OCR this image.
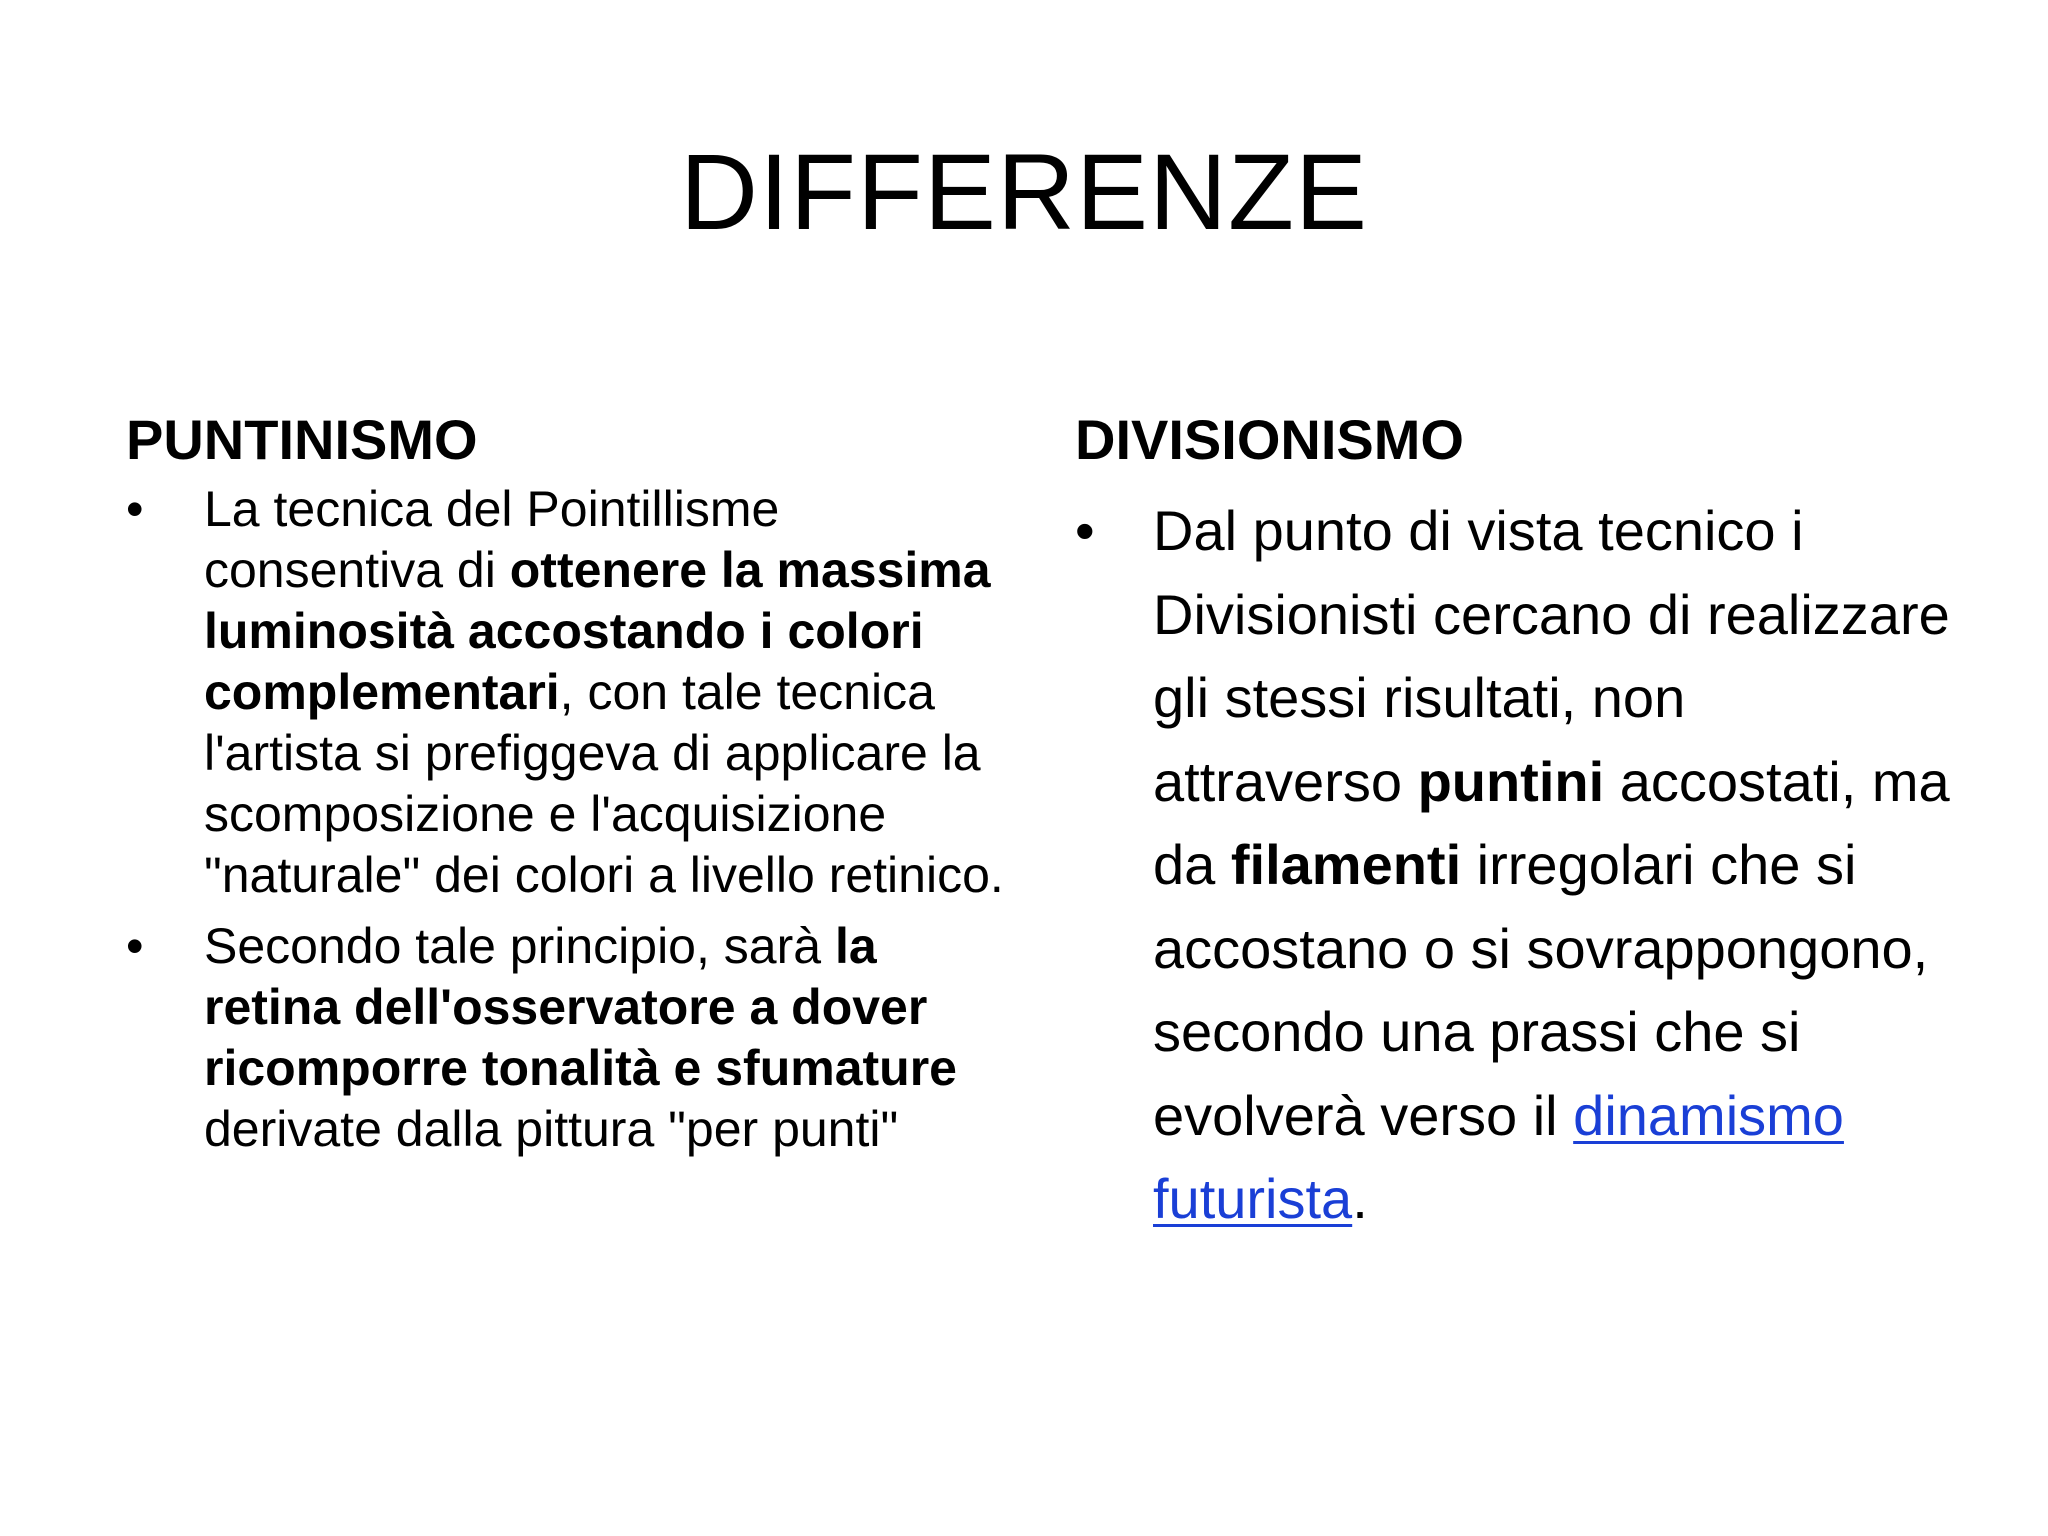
DIFFERENZE
PUNTINISMO
•	La tecnica del Pointillisme consentiva di ottenere la massima luminosità accostando i colori complementari, con tale tecnica l'artista si prefiggeva di applicare la scomposizione e l'acquisizione "naturale" dei colori a livello retinico.
•	Secondo tale principio, sarà la retina dell'osservatore a dover ricomporre tonalità e sfumature derivate dalla pittura "per punti"
DIVISIONISMO
•	Dal punto di vista tecnico i Divisionisti cercano di realizzare gli stessi risultati, non
attraverso puntini accostati, ma da filamenti irregolari che si accostano o si sovrappongono, secondo una prassi che si evolverà verso il dinamismo futurista.
